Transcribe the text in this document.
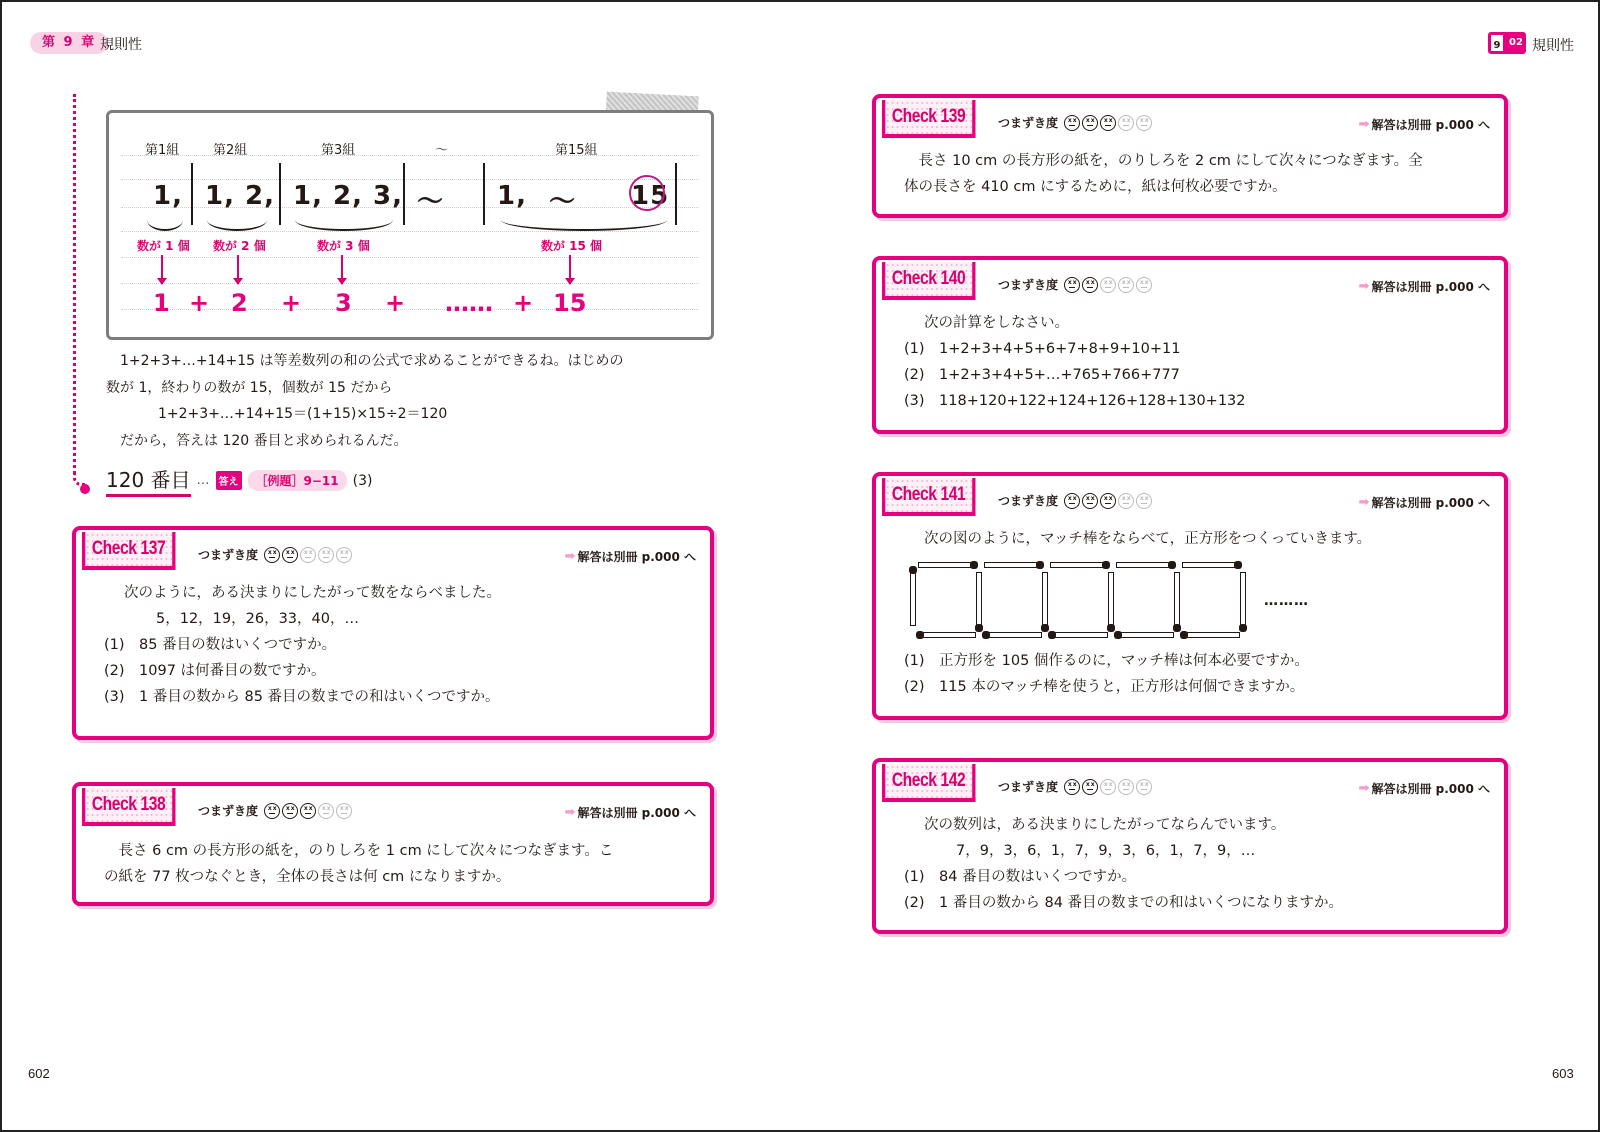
第 9 章 規則性	9 02 規則性
第1組	第2組	第3組	～	第15組
1, 1, 2, 1, 2, 3, 〜 1, 〜 15
数が 1 個 数が 2 個	数が 3 個	数が 15 個
1 + 2 + 3 + …… + 15

　1+2+3+…+14+15 は等差数列の和の公式で求めることができるね。はじめの

数が 1，終わりの数が 15，個数が 15 だから

1+2+3+…+14+15＝(1+15)×15÷2＝120

　だから，答えは 120 番目と求められるんだ。

120 番目 … 答え	［例題］9−11	(3)
Check 137	つまずき度 x x x x x x x x x x	➡ 解答は別冊 p.000 へ

次のように，ある決まりにしたがって数をならべました。

5，12，19，26，33，40，…

(1)　85 番目の数はいくつですか。

(2)　1097 は何番目の数ですか。

(3)　1 番目の数から 85 番目の数までの和はいくつですか。

Check 138	つまずき度 x x x x x x x x x x	➡ 解答は別冊 p.000 へ

　長さ 6 cm の長方形の紙を，のりしろを 1 cm にして次々につなぎます。こ

の紙を 77 枚つなぐとき，全体の長さは何 cm になりますか。

Check 139	つまずき度 x x x x x x x x x x	➡ 解答は別冊 p.000 へ

　長さ 10 cm の長方形の紙を，のりしろを 2 cm にして次々につなぎます。全

体の長さを 410 cm にするために，紙は何枚必要ですか。

Check 140	つまずき度 x x x x x x x x x x	➡ 解答は別冊 p.000 へ

次の計算をしなさい。

(1)　1+2+3+4+5+6+7+8+9+10+11

(2)　1+2+3+4+5+…+765+766+777

(3)　118+120+122+124+126+128+130+132

Check 141	つまずき度 x x x x x x x x x x	➡ 解答は別冊 p.000 へ

次の図のように，マッチ棒をならべて，正方形をつくっていきます。

………

(1)　正方形を 105 個作るのに，マッチ棒は何本必要ですか。

(2)　115 本のマッチ棒を使うと，正方形は何個できますか。

Check 142	つまずき度 x x x x x x x x x x	➡ 解答は別冊 p.000 へ

次の数列は，ある決まりにしたがってならんでいます。

7，9，3，6，1，7，9，3，6，1，7，9，…

(1)　84 番目の数はいくつですか。

(2)　1 番目の数から 84 番目の数までの和はいくつになりますか。

602	603
